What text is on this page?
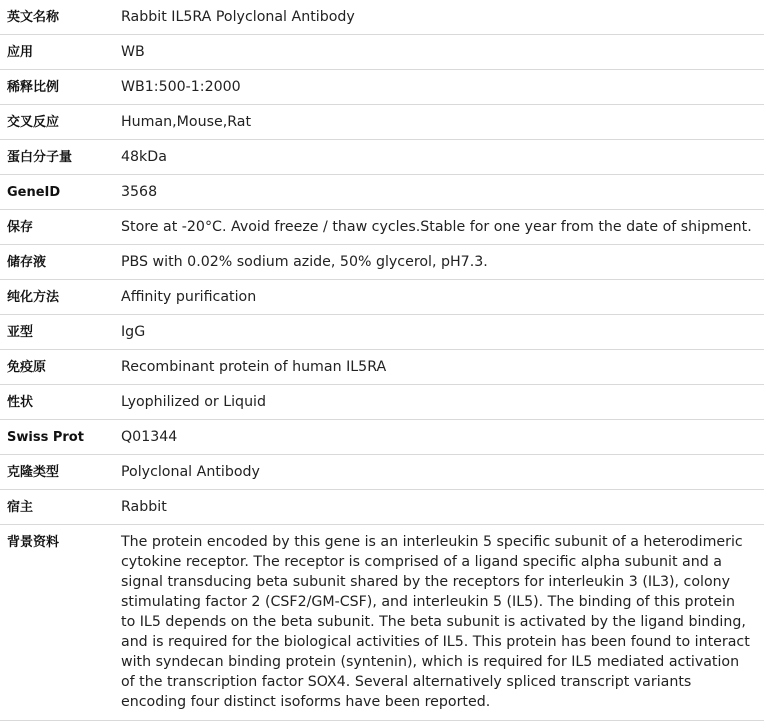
英文名称	Rabbit IL5RA Polyclonal Antibody
应用	WB
稀释比例	WB1:500-1:2000
交叉反应	Human,Mouse,Rat
蛋白分子量	48kDa
GeneID	3568
保存	Store at -20°C. Avoid freeze / thaw cycles.Stable for one year from the date of shipment.
储存液	PBS with 0.02% sodium azide, 50% glycerol, pH7.3.
纯化方法	Affinity purification
亚型	IgG
免疫原	Recombinant protein of human IL5RA
性状	Lyophilized or Liquid
Swiss Prot	Q01344
克隆类型	Polyclonal Antibody
宿主	Rabbit
背景资料	The protein encoded by this gene is an interleukin 5 specific subunit of a heterodimeric cytokine receptor. The receptor is comprised of a ligand specific alpha subunit and a signal transducing beta subunit shared by the receptors for interleukin 3 (IL3), colony stimulating factor 2 (CSF2/GM-CSF), and interleukin 5 (IL5). The binding of this protein to IL5 depends on the beta subunit. The beta subunit is activated by the ligand binding, and is required for the biological activities of IL5. This protein has been found to interact with syndecan binding protein (syntenin), which is required for IL5 mediated activation of the transcription factor SOX4. Several alternatively spliced transcript variants encoding four distinct isoforms have been reported.
